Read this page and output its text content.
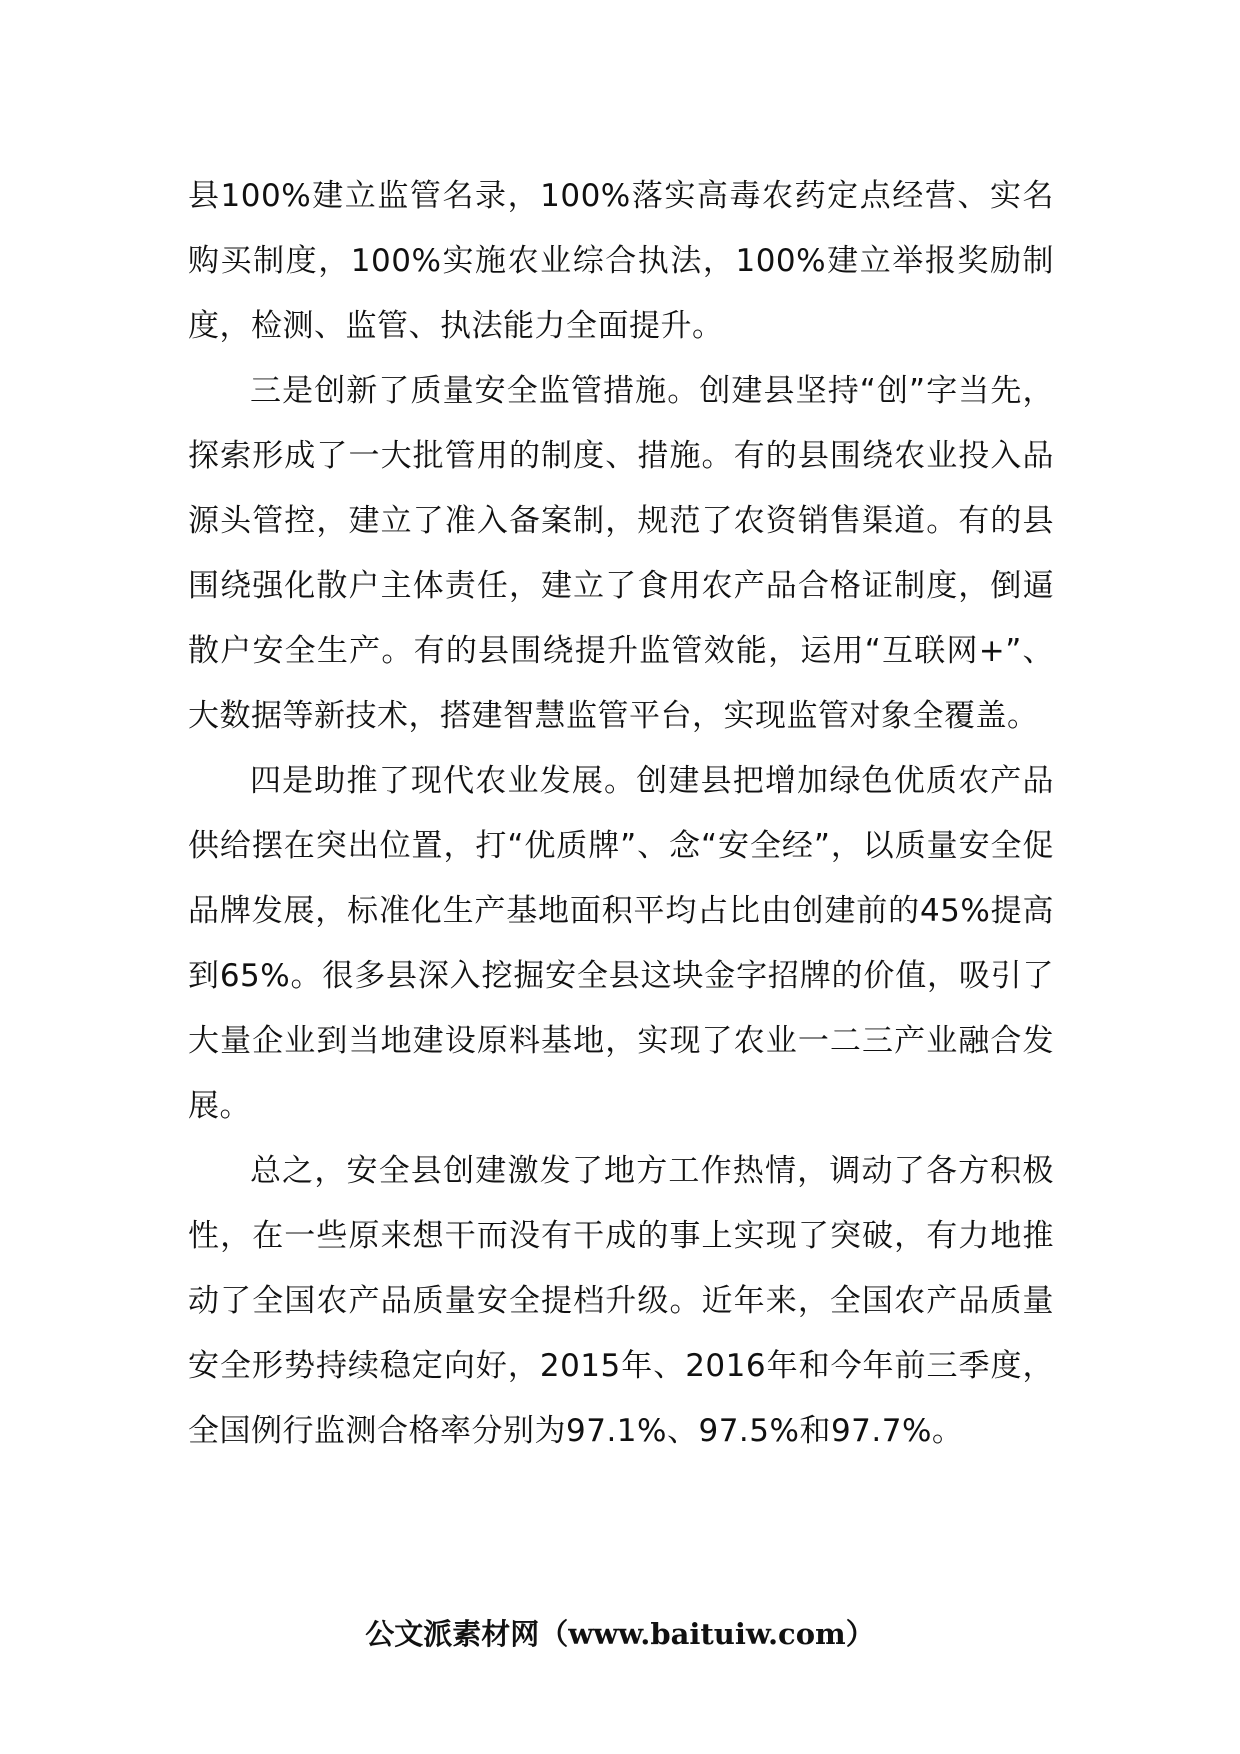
县100%建立监管名录，100%落实高毒农药定点经营、实名购买制度，100%实施农业综合执法，100%建立举报奖励制度，检测、监管、执法能力全面提升。

三是创新了质量安全监管措施。创建县坚持“创”字当先，探索形成了一大批管用的制度、措施。有的县围绕农业投入品源头管控，建立了准入备案制，规范了农资销售渠道。有的县围绕强化散户主体责任，建立了食用农产品合格证制度，倒逼散户安全生产。有的县围绕提升监管效能，运用“互联网+”、大数据等新技术，搭建智慧监管平台，实现监管对象全覆盖。

四是助推了现代农业发展。创建县把增加绿色优质农产品供给摆在突出位置，打“优质牌”、念“安全经”，以质量安全促品牌发展，标准化生产基地面积平均占比由创建前的45%提高到65%。很多县深入挖掘安全县这块金字招牌的价值，吸引了大量企业到当地建设原料基地，实现了农业一二三产业融合发展。

总之，安全县创建激发了地方工作热情，调动了各方积极性，在一些原来想干而没有干成的事上实现了突破，有力地推动了全国农产品质量安全提档升级。近年来，全国农产品质量安全形势持续稳定向好，2015年、2016年和今年前三季度，全国例行监测合格率分别为97.1%、97.5%和97.7%。

公文派素材网（www.baituiw.com）
